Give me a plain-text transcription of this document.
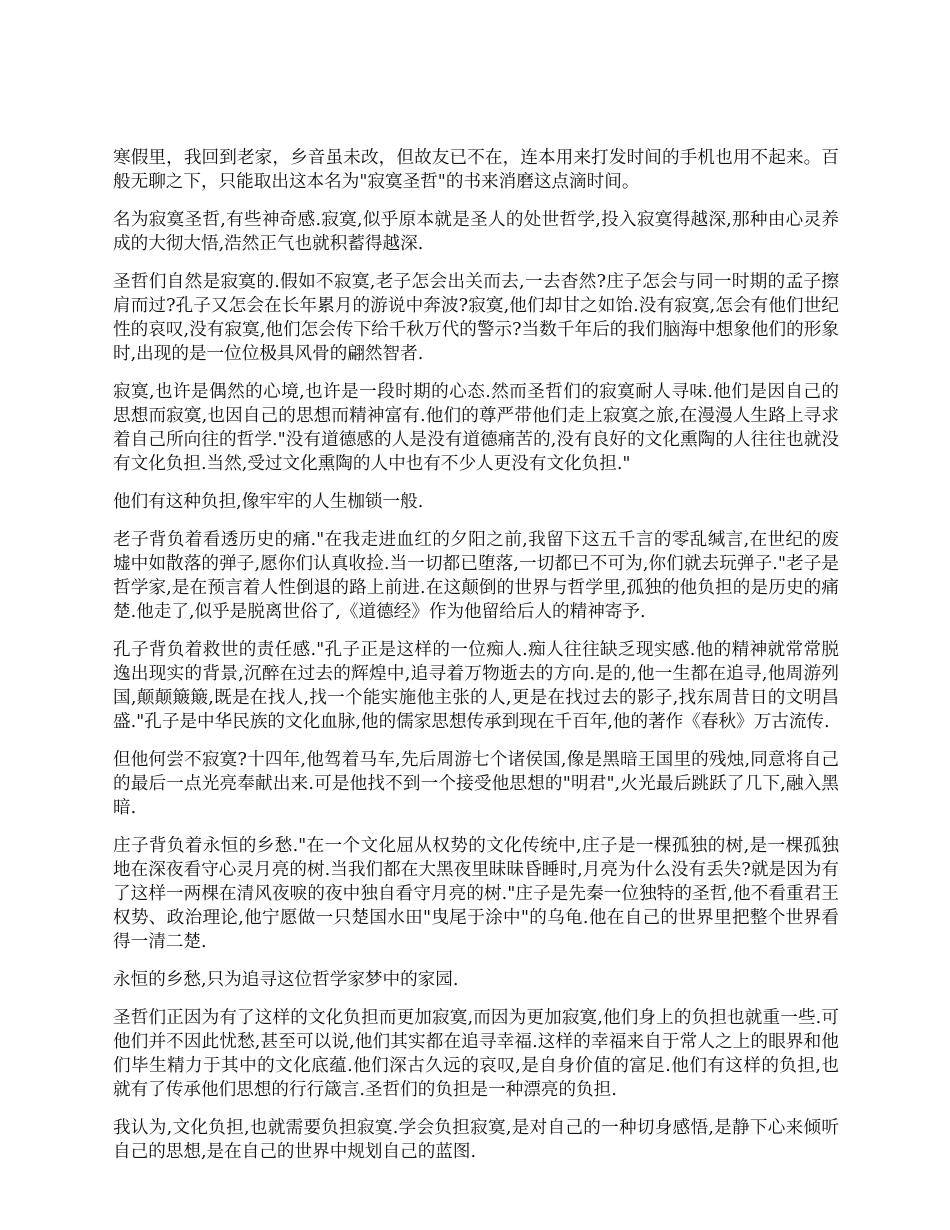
寒假里，我回到老家，乡音虽未改，但故友已不在，连本用来打发时间的手机也用不起来。百般无聊之下，只能取出这本名为"寂寞圣哲"的书来消磨这点滴时间。

名为寂寞圣哲,有些神奇感.寂寞,似乎原本就是圣人的处世哲学,投入寂寞得越深,那种由心灵养成的大彻大悟,浩然正气也就积蓄得越深.

圣哲们自然是寂寞的.假如不寂寞,老子怎会出关而去,一去杳然?庄子怎会与同一时期的孟子擦肩而过?孔子又怎会在长年累月的游说中奔波?寂寞,他们却甘之如饴.没有寂寞,怎会有他们世纪性的哀叹,没有寂寞,他们怎会传下给千秋万代的警示?当数千年后的我们脑海中想象他们的形象时,出现的是一位位极具风骨的翩然智者.

寂寞,也许是偶然的心境,也许是一段时期的心态.然而圣哲们的寂寞耐人寻味.他们是因自己的思想而寂寞,也因自己的思想而精神富有.他们的尊严带他们走上寂寞之旅,在漫漫人生路上寻求着自己所向往的哲学."没有道德感的人是没有道德痛苦的,没有良好的文化熏陶的人往往也就没有文化负担.当然,受过文化熏陶的人中也有不少人更没有文化负担."

他们有这种负担,像牢牢的人生枷锁一般.

老子背负着看透历史的痛."在我走进血红的夕阳之前,我留下这五千言的零乱缄言,在世纪的废墟中如散落的弹子,愿你们认真收捡.当一切都已堕落,一切都已不可为,你们就去玩弹子."老子是哲学家,是在预言着人性倒退的路上前进.在这颠倒的世界与哲学里,孤独的他负担的是历史的痛楚.他走了,似乎是脱离世俗了,《道德经》作为他留给后人的精神寄予.

孔子背负着救世的责任感."孔子正是这样的一位痴人.痴人往往缺乏现实感.他的精神就常常脱逸出现实的背景,沉醉在过去的辉煌中,追寻着万物逝去的方向.是的,他一生都在追寻,他周游列国,颠颠簸簸,既是在找人,找一个能实施他主张的人,更是在找过去的影子,找东周昔日的文明昌盛."孔子是中华民族的文化血脉,他的儒家思想传承到现在千百年,他的著作《春秋》万古流传.

但他何尝不寂寞?十四年,他驾着马车,先后周游七个诸侯国,像是黑暗王国里的残烛,同意将自己的最后一点光亮奉献出来.可是他找不到一个接受他思想的"明君",火光最后跳跃了几下,融入黑暗.

庄子背负着永恒的乡愁."在一个文化屈从权势的文化传统中,庄子是一棵孤独的树,是一棵孤独地在深夜看守心灵月亮的树.当我们都在大黑夜里昧昧昏睡时,月亮为什么没有丢失?就是因为有了这样一两棵在清风夜唳的夜中独自看守月亮的树."庄子是先秦一位独特的圣哲,他不看重君王权势、政治理论,他宁愿做一只楚国水田"曳尾于涂中"的乌龟.他在自己的世界里把整个世界看得一清二楚.

永恒的乡愁,只为追寻这位哲学家梦中的家园.

圣哲们正因为有了这样的文化负担而更加寂寞,而因为更加寂寞,他们身上的负担也就重一些.可他们并不因此忧愁,甚至可以说,他们其实都在追寻幸福.这样的幸福来自于常人之上的眼界和他们毕生精力于其中的文化底蕴.他们深古久远的哀叹,是自身价值的富足.他们有这样的负担,也就有了传承他们思想的行行箴言.圣哲们的负担是一种漂亮的负担.

我认为,文化负担,也就需要负担寂寞.学会负担寂寞,是对自己的一种切身感悟,是静下心来倾听自己的思想,是在自己的世界中规划自己的蓝图.
